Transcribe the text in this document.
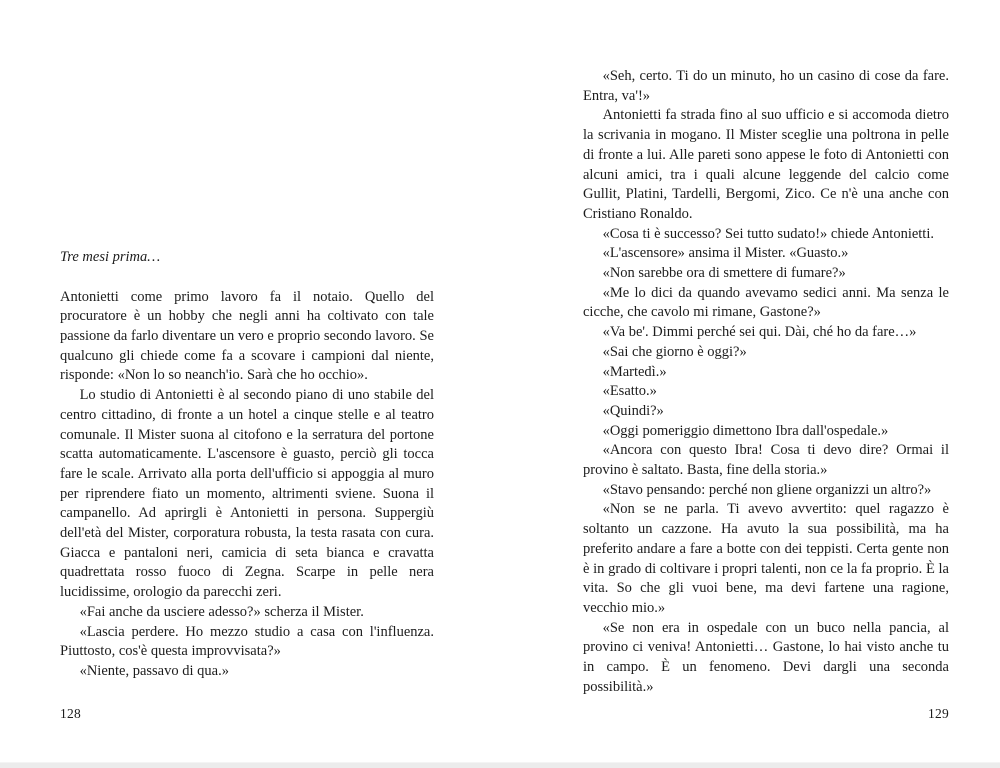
Tre mesi prima…

Antonietti come primo lavoro fa il notaio. Quello del procuratore è un hobby che negli anni ha coltivato con tale passione da farlo diventare un vero e proprio secondo lavoro. Se qualcuno gli chiede come fa a scovare i campioni dal niente, risponde: «Non lo so neanch'io. Sarà che ho occhio».

Lo studio di Antonietti è al secondo piano di uno stabile del centro cittadino, di fronte a un hotel a cinque stelle e al teatro comunale. Il Mister suona al citofono e la serratura del portone scatta automaticamente. L'ascensore è guasto, perciò gli tocca fare le scale. Arrivato alla porta dell'ufficio si appoggia al muro per riprendere fiato un momento, altrimenti sviene. Suona il campanello. Ad aprirgli è Antonietti in persona. Suppergiù dell'età del Mister, corporatura robusta, la testa rasata con cura. Giacca e pantaloni neri, camicia di seta bianca e cravatta quadrettata rosso fuoco di Zegna. Scarpe in pelle nera lucidissime, orologio da parecchi zeri.

«Fai anche da usciere adesso?» scherza il Mister.

«Lascia perdere. Ho mezzo studio a casa con l'influenza. Piuttosto, cos'è questa improvvisata?»

«Niente, passavo di qua.»

128

«Seh, certo. Ti do un minuto, ho un casino di cose da fare. Entra, va'!»

Antonietti fa strada fino al suo ufficio e si accomoda dietro la scrivania in mogano. Il Mister sceglie una poltrona in pelle di fronte a lui. Alle pareti sono appese le foto di Antonietti con alcuni amici, tra i quali alcune leggende del calcio come Gullit, Platini, Tardelli, Bergomi, Zico. Ce n'è una anche con Cristiano Ronaldo.

«Cosa ti è successo? Sei tutto sudato!» chiede Antonietti.

«L'ascensore» ansima il Mister. «Guasto.»

«Non sarebbe ora di smettere di fumare?»

«Me lo dici da quando avevamo sedici anni. Ma senza le cicche, che cavolo mi rimane, Gastone?»

«Va be'. Dimmi perché sei qui. Dài, ché ho da fare…»

«Sai che giorno è oggi?»

«Martedì.»

«Esatto.»

«Quindi?»

«Oggi pomeriggio dimettono Ibra dall'ospedale.»

«Ancora con questo Ibra! Cosa ti devo dire? Ormai il provino è saltato. Basta, fine della storia.»

«Stavo pensando: perché non gliene organizzi un altro?»

«Non se ne parla. Ti avevo avvertito: quel ragazzo è soltanto un cazzone. Ha avuto la sua possibilità, ma ha preferito andare a fare a botte con dei teppisti. Certa gente non è in grado di coltivare i propri talenti, non ce la fa proprio. È la vita. So che gli vuoi bene, ma devi fartene una ragione, vecchio mio.»

«Se non era in ospedale con un buco nella pancia, al provino ci veniva! Antonietti… Gastone, lo hai visto anche tu in campo. È un fenomeno. Devi dargli una seconda possibilità.»

129
